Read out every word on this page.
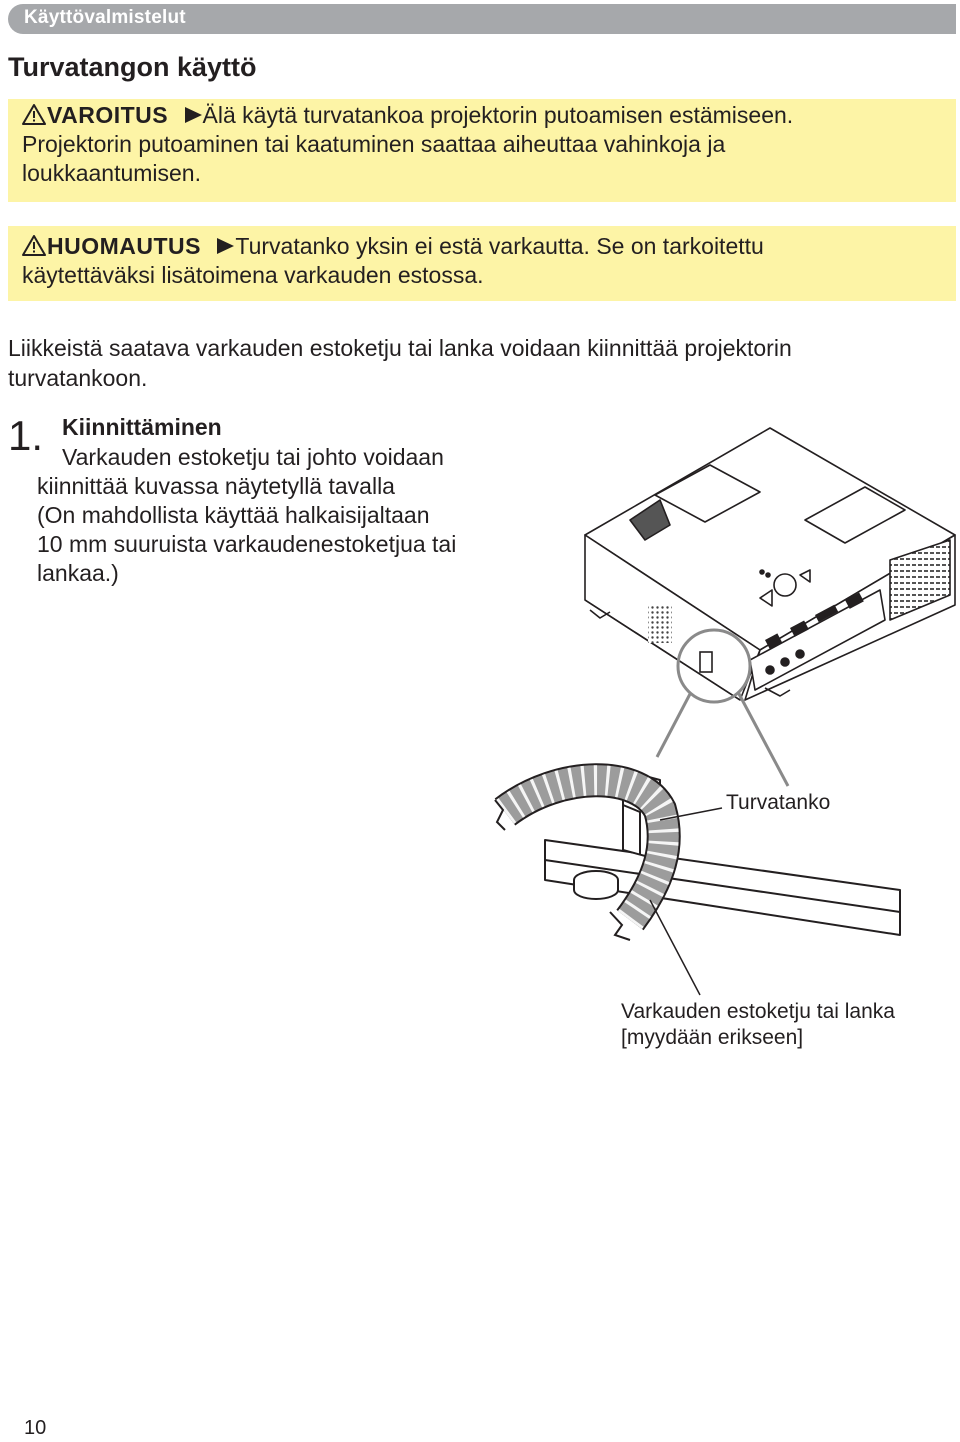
Käyttövalmistelut
Turvatangon käyttö
VAROITUS Älä käytä turvatankoa projektorin putoamisen estämiseen.
Projektorin putoaminen tai kaatuminen saattaa aiheuttaa vahinkoja ja
loukkaantumisen.
HUOMAUTUS Turvatanko yksin ei estä varkautta. Se on tarkoitettu
käytettäväksi lisätoimena varkauden estossa.

Liikkeistä saatava varkauden estoketju tai lanka voidaan kiinnittää projektorin
turvatankoon.

1. Kiinnittäminen
Varkauden estoketju tai johto voidaan
kiinnittää kuvassa näytetyllä tavalla
(On mahdollista käyttää halkaisijaltaan
10 mm suuruista varkaudenestoketjua tai
lankaa.)
Turvatanko
Varkauden estoketju tai lanka
[myydään erikseen]
10
